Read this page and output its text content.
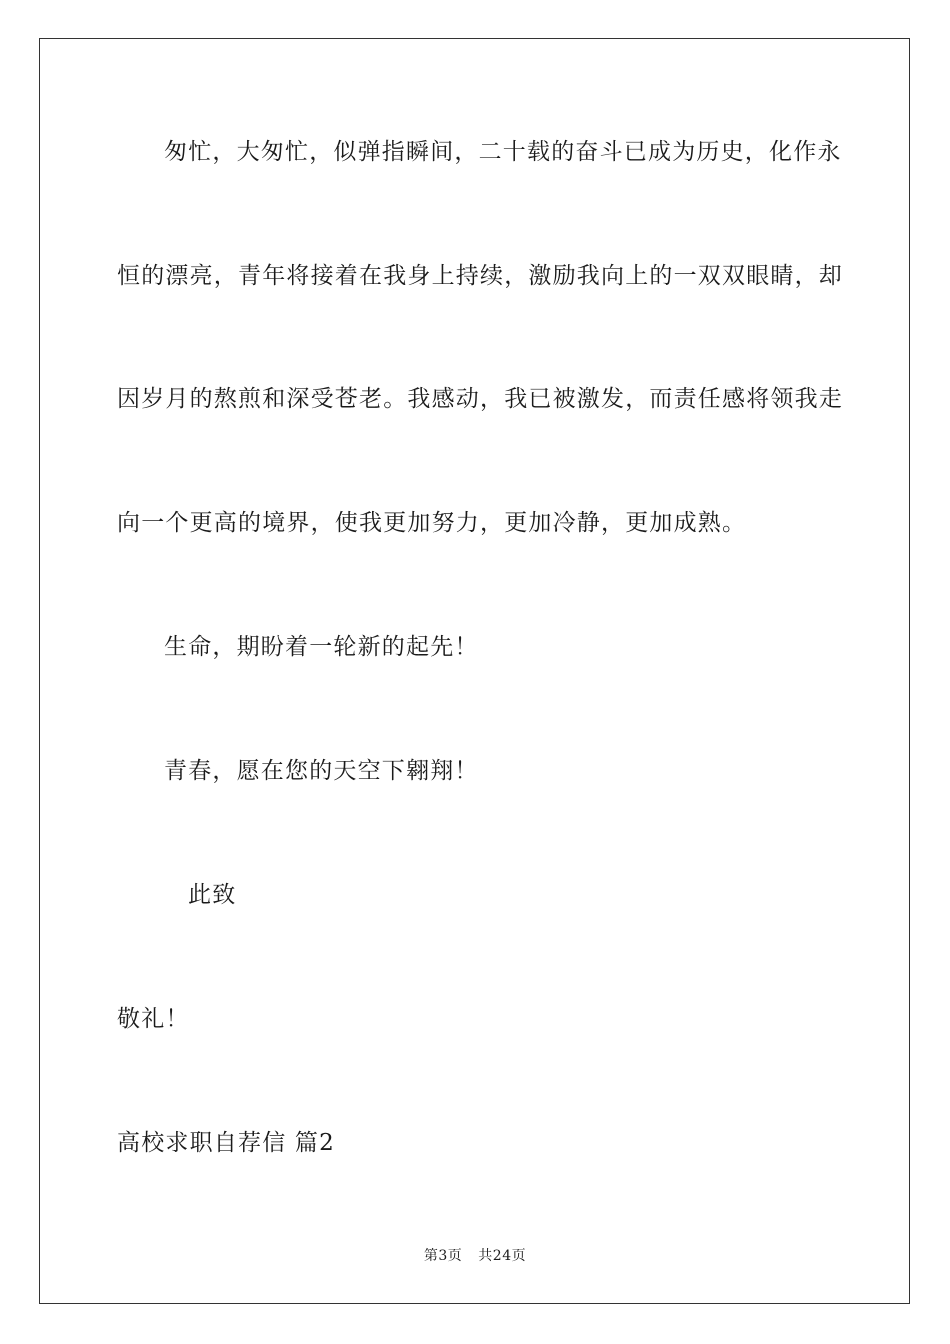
匆忙，大匆忙，似弹指瞬间，二十载的奋斗已成为历史，化作永
恒的漂亮，青年将接着在我身上持续，激励我向上的一双双眼睛，却
因岁月的熬煎和深受苍老。我感动，我已被激发，而责任感将领我走
向一个更高的境界，使我更加努力，更加冷静，更加成熟。
生命，期盼着一轮新的起先！
青春，愿在您的天空下翱翔！
此致
敬礼！
高校求职自荐信 篇2
第3页 共24页
